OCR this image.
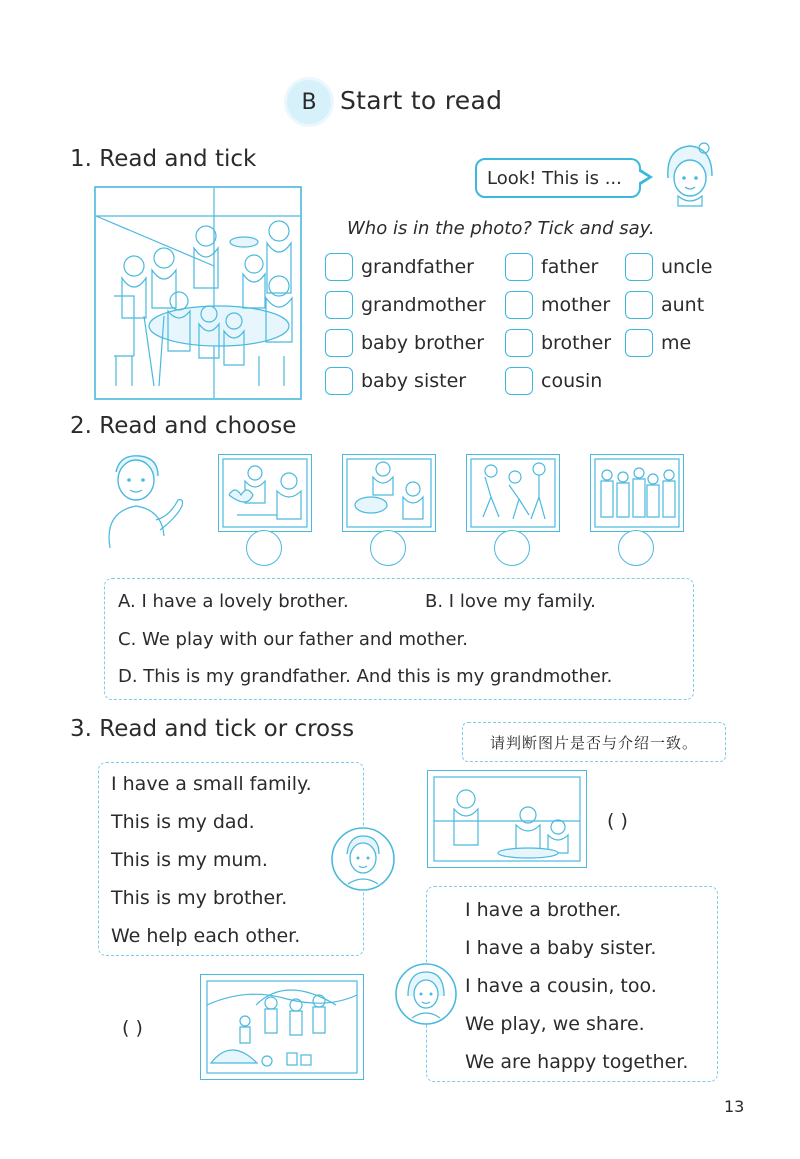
B Start to read
1. Read and tick
Look! This is ...
Who is in the photo? Tick and say.
grandfather
grandmother
baby brother
baby sister
father
mother
brother
cousin
uncle
aunt
me
2. Read and choose
A. I have a lovely brother.	B. I love my family.
C. We play with our father and mother.
D. This is my grandfather. And this is my grandmother.
3. Read and tick or cross
请判断图片是否与介绍一致。
I have a small family.
This is my dad.
This is my mum.
This is my brother.
We help each other.
( )
I have a brother.
I have a baby sister.
I have a cousin, too.
We play, we share.
We are happy together.
( )
13
